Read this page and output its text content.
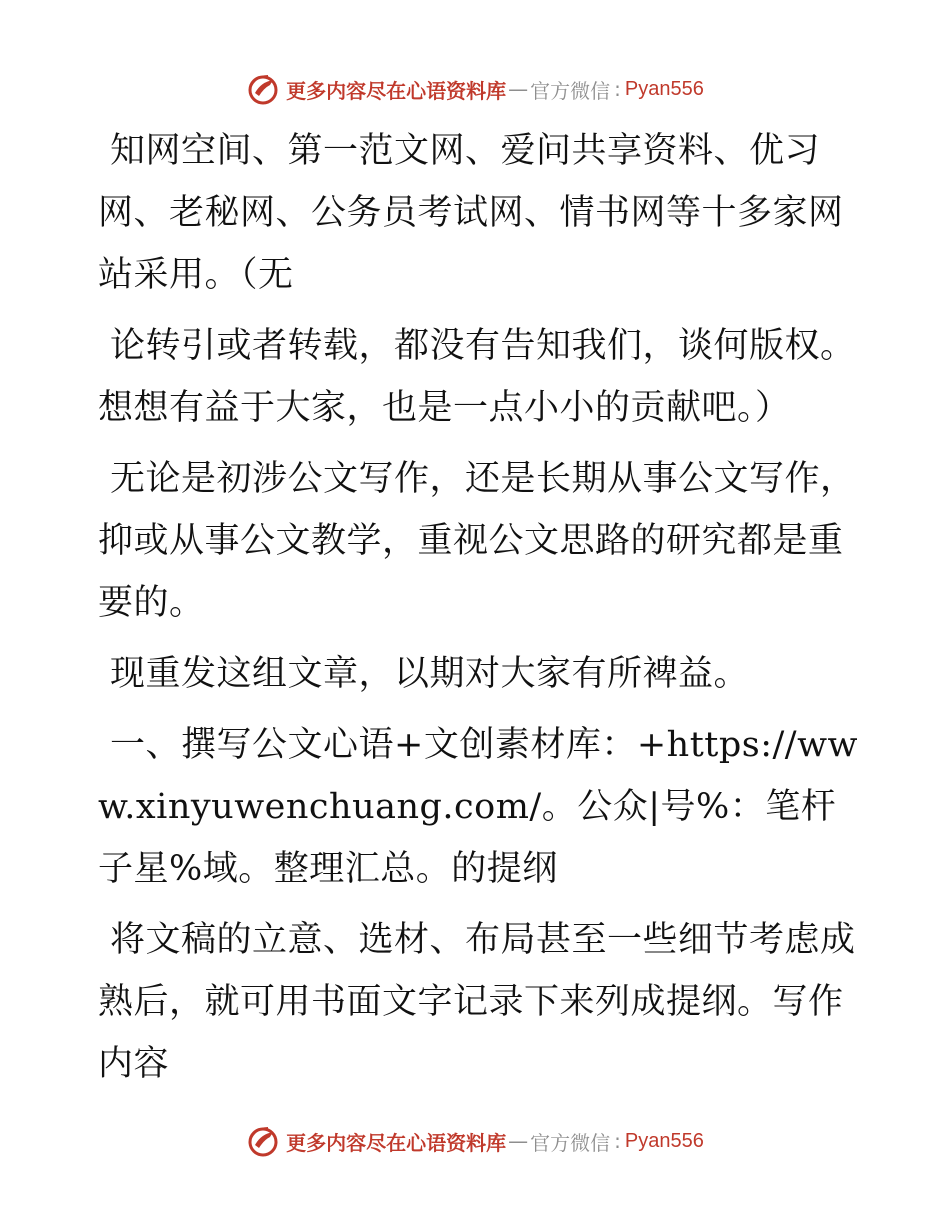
更多内容尽在心语资料库 — 官方微信 : Pyan556

知网空间、第一范文网、爱问共享资料、优习网、老秘网、公务员考试网、情书网等十多家网站采用。（无

论转引或者转载，都没有告知我们，谈何版权。想想有益于大家，也是一点小小的贡献吧。）

无论是初涉公文写作，还是长期从事公文写作，抑或从事公文教学，重视公文思路的研究都是重要的。

现重发这组文章，以期对大家有所裨益。

一、撰写公文心语+文创素材库：+https://www.xinyuwenchuang.com/。公众|号%：笔杆子星%域。整理汇总。的提纲

将文稿的立意、选材、布局甚至一些细节考虑成熟后，就可用书面文字记录下来列成提纲。写作内容

更多内容尽在心语资料库 — 官方微信 : Pyan556
